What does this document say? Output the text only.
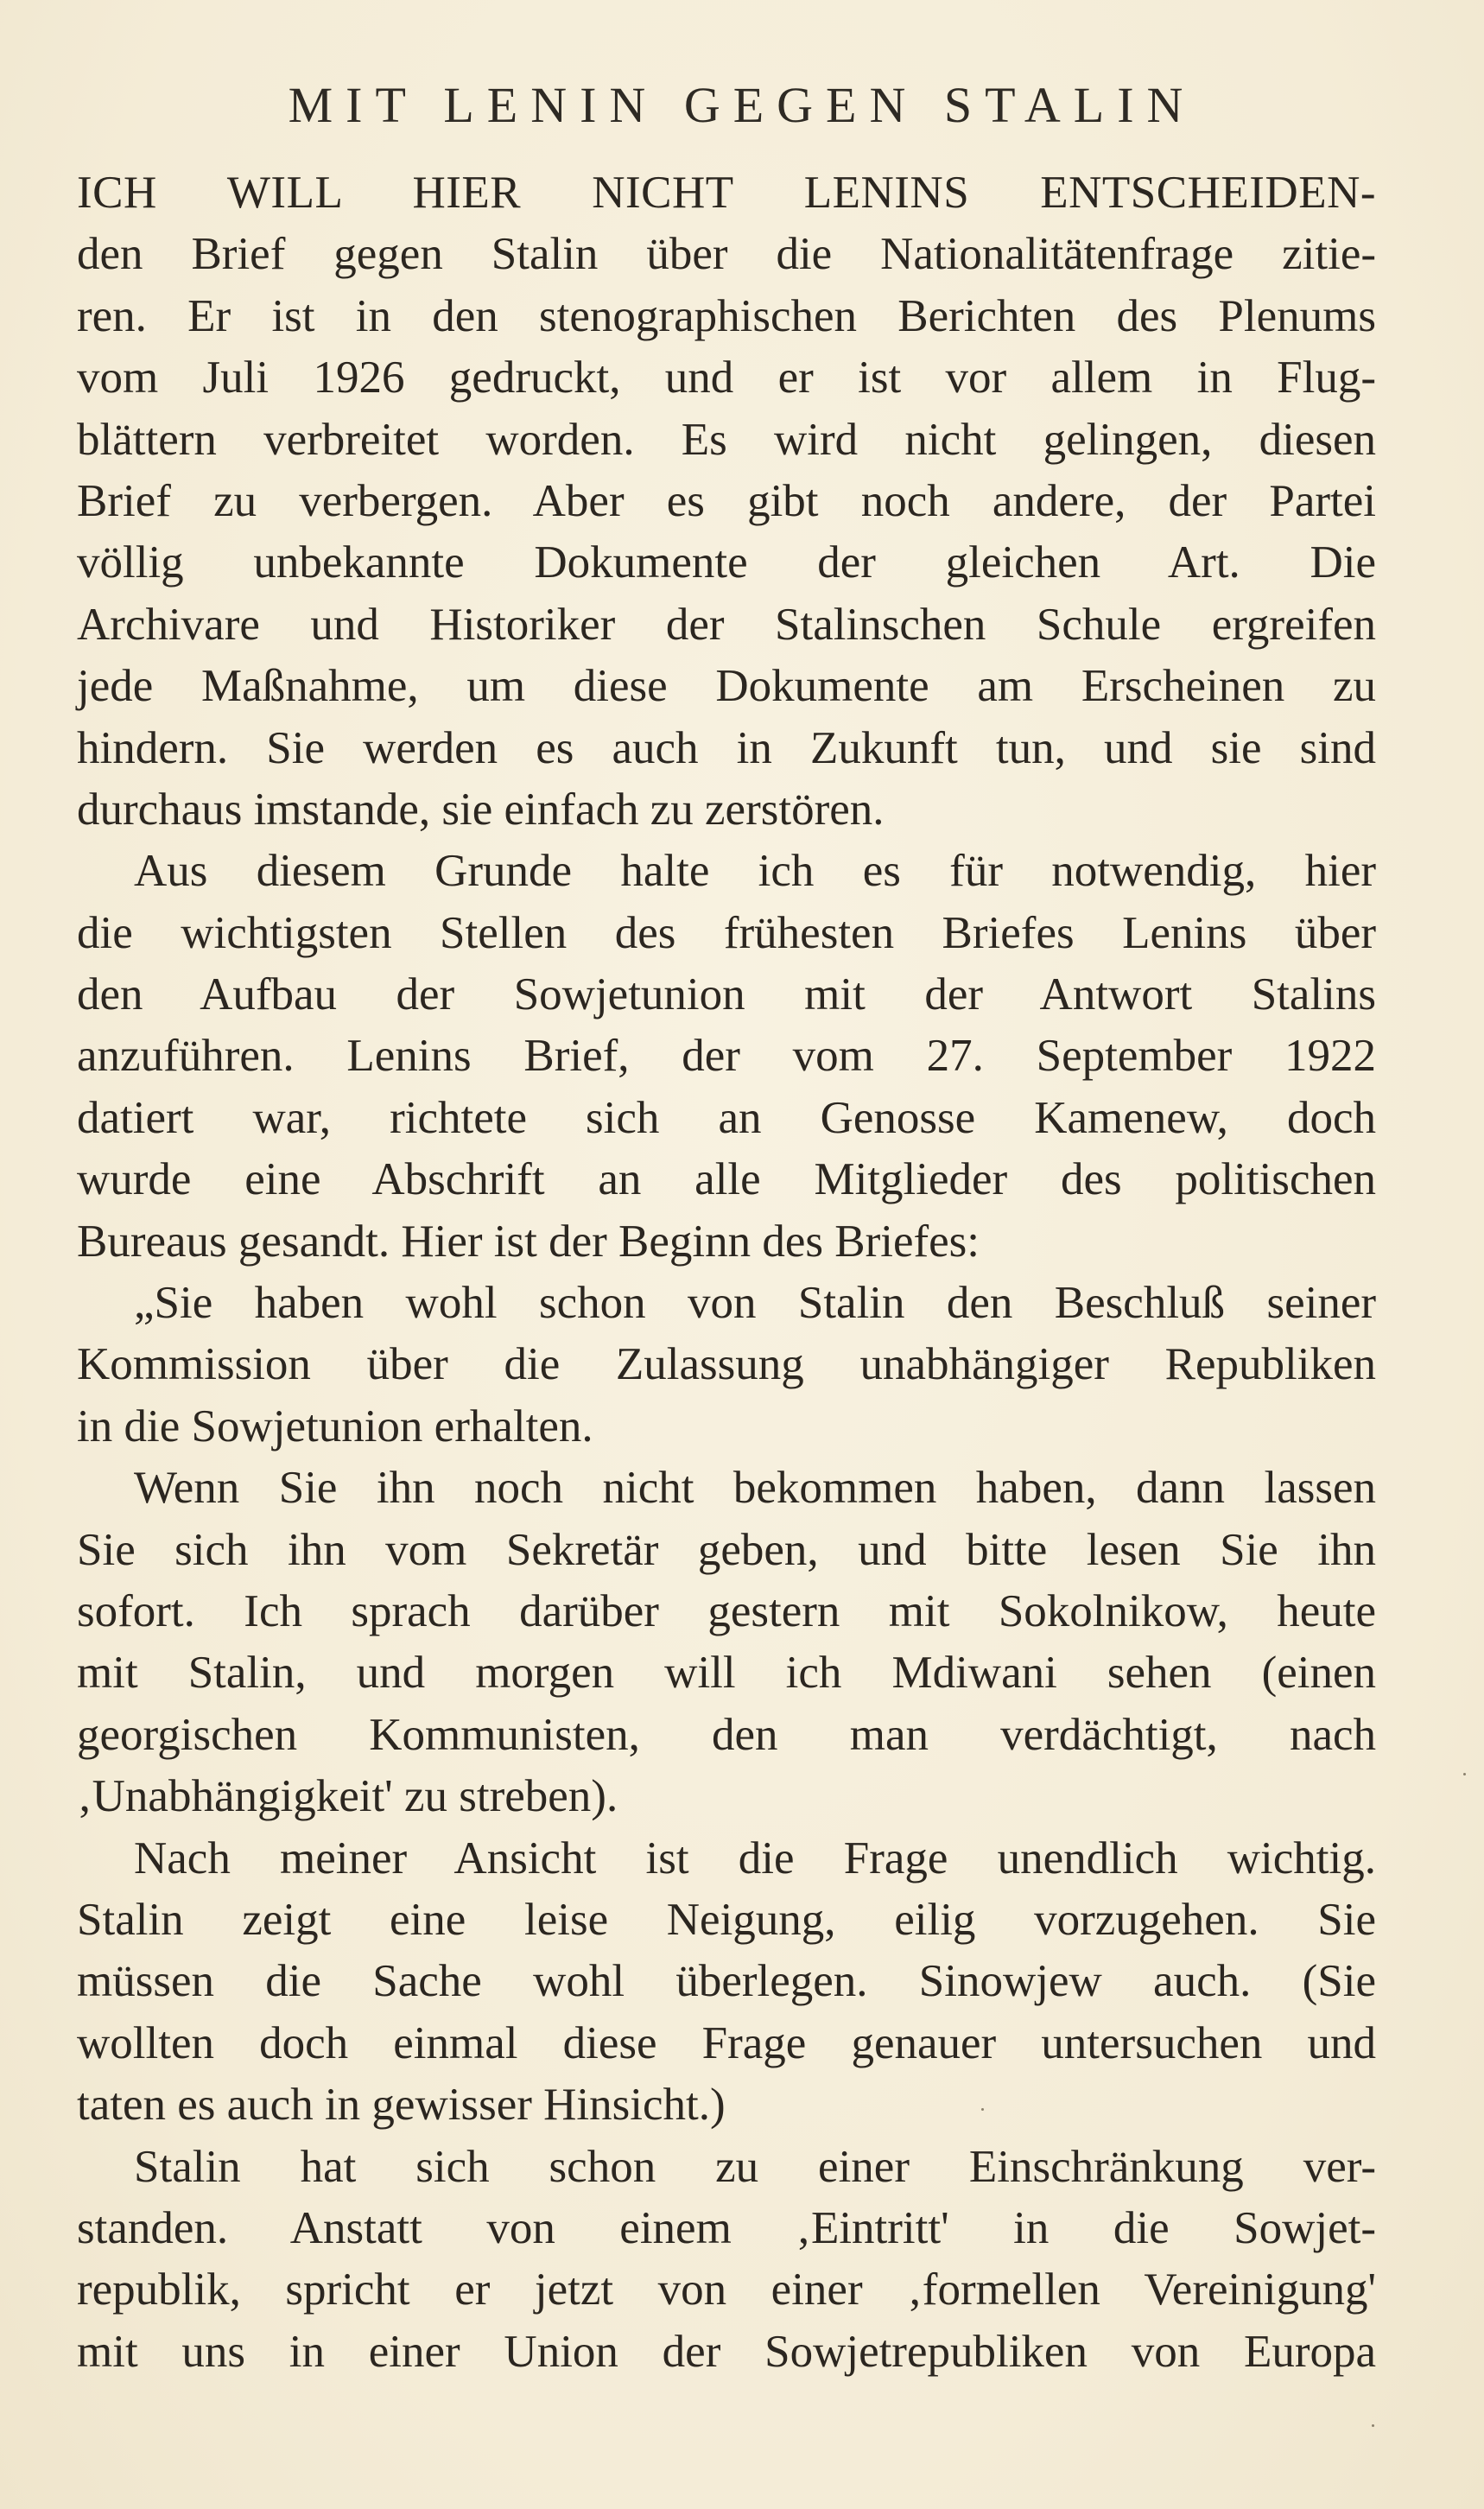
MIT LENIN GEGEN STALIN
ICH WILL HIER NICHT LENINS ENTSCHEIDEN-
den Brief gegen Stalin über die Nationalitätenfrage zitie-
ren. Er ist in den stenographischen Berichten des Plenums
vom Juli 1926 gedruckt, und er ist vor allem in Flug-
blättern verbreitet worden. Es wird nicht gelingen, diesen
Brief zu verbergen. Aber es gibt noch andere, der Partei
völlig unbekannte Dokumente der gleichen Art. Die
Archivare und Historiker der Stalinschen Schule ergreifen
jede Maßnahme, um diese Dokumente am Erscheinen zu
hindern. Sie werden es auch in Zukunft tun, und sie sind
durchaus imstande, sie einfach zu zerstören.
Aus diesem Grunde halte ich es für notwendig, hier
die wichtigsten Stellen des frühesten Briefes Lenins über
den Aufbau der Sowjetunion mit der Antwort Stalins
anzuführen. Lenins Brief, der vom 27. September 1922
datiert war, richtete sich an Genosse Kamenew, doch
wurde eine Abschrift an alle Mitglieder des politischen
Bureaus gesandt. Hier ist der Beginn des Briefes:
„Sie haben wohl schon von Stalin den Beschluß seiner
Kommission über die Zulassung unabhängiger Republiken
in die Sowjetunion erhalten.
Wenn Sie ihn noch nicht bekommen haben, dann lassen
Sie sich ihn vom Sekretär geben, und bitte lesen Sie ihn
sofort. Ich sprach darüber gestern mit Sokolnikow, heute
mit Stalin, und morgen will ich Mdiwani sehen (einen
georgischen Kommunisten, den man verdächtigt, nach
‚Unabhängigkeit' zu streben).
Nach meiner Ansicht ist die Frage unendlich wichtig.
Stalin zeigt eine leise Neigung, eilig vorzugehen. Sie
müssen die Sache wohl überlegen. Sinowjew auch. (Sie
wollten doch einmal diese Frage genauer untersuchen und
taten es auch in gewisser Hinsicht.)
Stalin hat sich schon zu einer Einschränkung ver-
standen. Anstatt von einem ‚Eintritt' in die Sowjet-
republik, spricht er jetzt von einer ‚formellen Vereinigung'
mit uns in einer Union der Sowjetrepubliken von Europa
